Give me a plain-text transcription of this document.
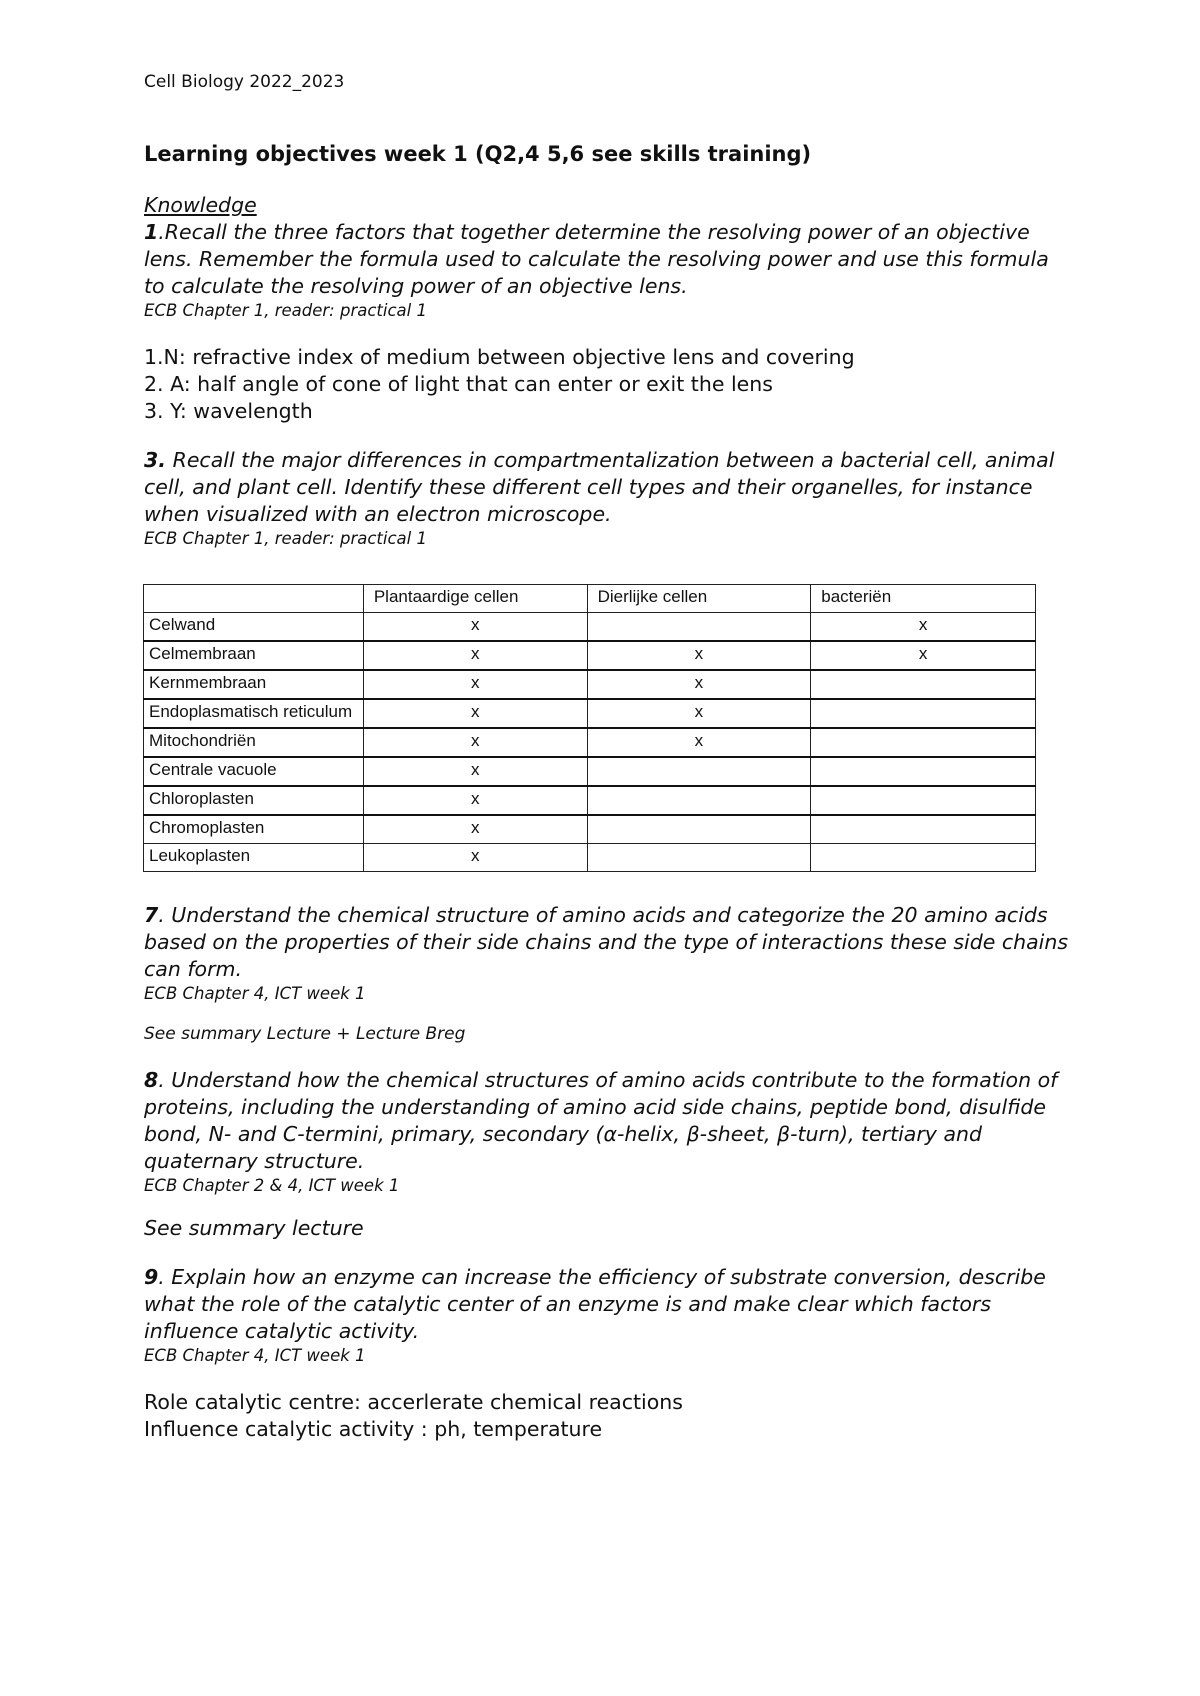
Cell Biology 2022_2023
Learning objectives week 1 (Q2,4 5,6 see skills training)
Knowledge
1.Recall the three factors that together determine the resolving power of an objective lens. Remember the formula used to calculate the resolving power and use this formula to calculate the resolving power of an objective lens.
ECB Chapter 1, reader: practical 1
1.N: refractive index of medium between objective lens and covering
2. A: half angle of cone of light that can enter or exit the lens
3. Y: wavelength
3. Recall the major differences in compartmentalization between a bacterial cell, animal cell, and plant cell. Identify these different cell types and their organelles, for instance when visualized with an electron microscope.
ECB Chapter 1, reader: practical 1
	Plantaardige cellen	Dierlijke cellen	bacteriën
Celwand	x		x
Celmembraan	x	x	x
Kernmembraan	x	x	
Endoplasmatisch reticulum	x	x	
Mitochondriën	x	x	
Centrale vacuole	x		
Chloroplasten	x		
Chromoplasten	x		
Leukoplasten	x		
7. Understand the chemical structure of amino acids and categorize the 20 amino acids based on the properties of their side chains and the type of interactions these side chains can form.
ECB Chapter 4, ICT week 1
See summary Lecture + Lecture Breg
8. Understand how the chemical structures of amino acids contribute to the formation of proteins, including the understanding of amino acid side chains, peptide bond, disulfide bond, N- and C-termini, primary, secondary (α-helix, β-sheet, β-turn), tertiary and quaternary structure.
ECB Chapter 2 & 4, ICT week 1
See summary lecture
9. Explain how an enzyme can increase the efficiency of substrate conversion, describe what the role of the catalytic center of an enzyme is and make clear which factors influence catalytic activity.
ECB Chapter 4, ICT week 1
Role catalytic centre: accerlerate chemical reactions
Influence catalytic activity : ph, temperature
